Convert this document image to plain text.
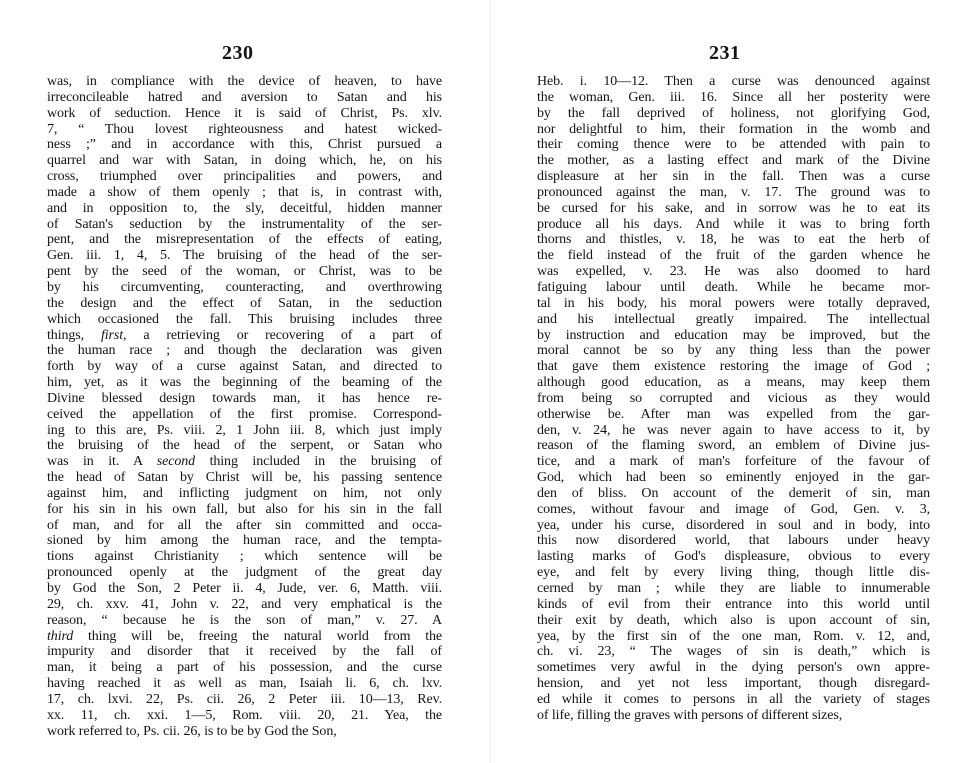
230
was, in compliance with the device of heaven, to have
irreconcileable hatred and aversion to Satan and his
work of seduction. Hence it is said of Christ, Ps. xlv.
7, “ Thou lovest righteousness and hatest wicked-
ness ;” and in accordance with this, Christ pursued a
quarrel and war with Satan, in doing which, he, on his
cross, triumphed over principalities and powers, and
made a show of them openly ; that is, in contrast with,
and in opposition to, the sly, deceitful, hidden manner
of Satan's seduction by the instrumentality of the ser-
pent, and the misrepresentation of the effects of eating,
Gen. iii. 1, 4, 5. The bruising of the head of the ser-
pent by the seed of the woman, or Christ, was to be
by his circumventing, counteracting, and overthrowing
the design and the effect of Satan, in the seduction
which occasioned the fall. This bruising includes three
things, first, a retrieving or recovering of a part of
the human race ; and though the declaration was given
forth by way of a curse against Satan, and directed to
him, yet, as it was the beginning of the beaming of the
Divine blessed design towards man, it has hence re-
ceived the appellation of the first promise. Correspond-
ing to this are, Ps. viii. 2, 1 John iii. 8, which just imply
the bruising of the head of the serpent, or Satan who
was in it. A second thing included in the bruising of
the head of Satan by Christ will be, his passing sentence
against him, and inflicting judgment on him, not only
for his sin in his own fall, but also for his sin in the fall
of man, and for all the after sin committed and occa-
sioned by him among the human race, and the tempta-
tions against Christianity ; which sentence will be
pronounced openly at the judgment of the great day
by God the Son, 2 Peter ii. 4, Jude, ver. 6, Matth. viii.
29, ch. xxv. 41, John v. 22, and very emphatical is the
reason, “ because he is the son of man,” v. 27. A
third thing will be, freeing the natural world from the
impurity and disorder that it received by the fall of
man, it being a part of his possession, and the curse
having reached it as well as man, Isaiah li. 6, ch. lxv.
17, ch. lxvi. 22, Ps. cii. 26, 2 Peter iii. 10—13, Rev.
xx. 11, ch. xxi. 1—5, Rom. viii. 20, 21. Yea, the
work referred to, Ps. cii. 26, is to be by God the Son,
231
Heb. i. 10—12. Then a curse was denounced against
the woman, Gen. iii. 16. Since all her posterity were
by the fall deprived of holiness, not glorifying God,
nor delightful to him, their formation in the womb and
their coming thence were to be attended with pain to
the mother, as a lasting effect and mark of the Divine
displeasure at her sin in the fall. Then was a curse
pronounced against the man, v. 17. The ground was to
be cursed for his sake, and in sorrow was he to eat its
produce all his days. And while it was to bring forth
thorns and thistles, v. 18, he was to eat the herb of
the field instead of the fruit of the garden whence he
was expelled, v. 23. He was also doomed to hard
fatiguing labour until death. While he became mor-
tal in his body, his moral powers were totally depraved,
and his intellectual greatly impaired. The intellectual
by instruction and education may be improved, but the
moral cannot be so by any thing less than the power
that gave them existence restoring the image of God ;
although good education, as a means, may keep them
from being so corrupted and vicious as they would
otherwise be. After man was expelled from the gar-
den, v. 24, he was never again to have access to it, by
reason of the flaming sword, an emblem of Divine jus-
tice, and a mark of man's forfeiture of the favour of
God, which had been so eminently enjoyed in the gar-
den of bliss. On account of the demerit of sin, man
comes, without favour and image of God, Gen. v. 3,
yea, under his curse, disordered in soul and in body, into
this now disordered world, that labours under heavy
lasting marks of God's displeasure, obvious to every
eye, and felt by every living thing, though little dis-
cerned by man ; while they are liable to innumerable
kinds of evil from their entrance into this world until
their exit by death, which also is upon account of sin,
yea, by the first sin of the one man, Rom. v. 12, and,
ch. vi. 23, “ The wages of sin is death,” which is
sometimes very awful in the dying person's own appre-
hension, and yet not less important, though disregard-
ed while it comes to persons in all the variety of stages
of life, filling the graves with persons of different sizes,
